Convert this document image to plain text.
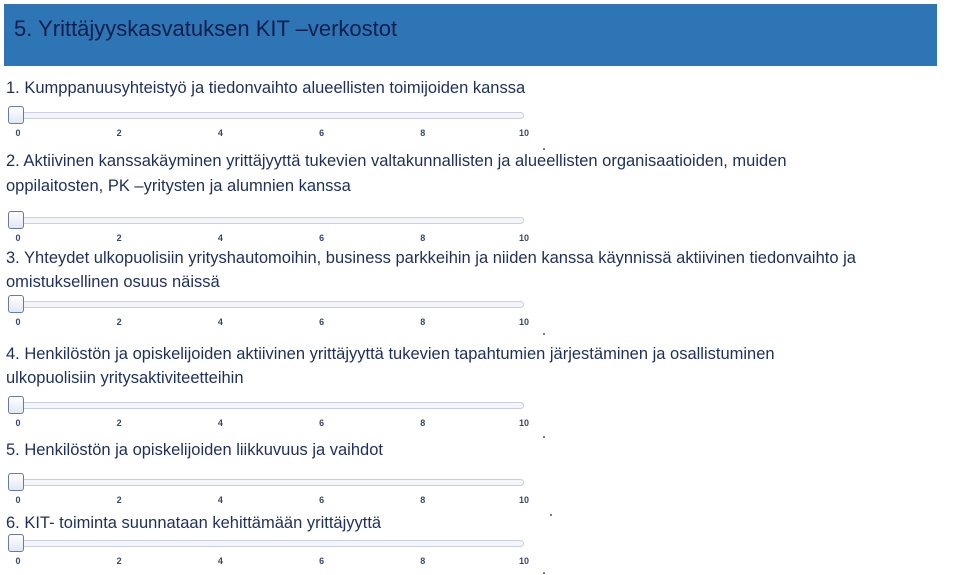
5. Yrittäjyyskasvatuksen KIT –verkostot
1. Kumppanuusyhteistyö ja tiedonvaihto alueellisten toimijoiden kanssa
0	2	4	6	8	10
2. Aktiivinen kanssakäyminen yrittäjyyttä tukevien valtakunnallisten ja alueellisten organisaatioiden, muiden
oppilaitosten, PK –yritysten ja alumnien kanssa
0	2	4	6	8	10
3. Yhteydet ulkopuolisiin yrityshautomoihin, business parkkeihin ja niiden kanssa käynnissä aktiivinen tiedonvaihto ja
omistuksellinen osuus näissä
0	2	4	6	8	10
4. Henkilöstön ja opiskelijoiden aktiivinen yrittäjyyttä tukevien tapahtumien järjestäminen ja osallistuminen
ulkopuolisiin yritysaktiviteetteihin
0	2	4	6	8	10
5. Henkilöstön ja opiskelijoiden liikkuvuus ja vaihdot
0	2	4	6	8	10
6. KIT- toiminta suunnataan kehittämään yrittäjyyttä
0	2	4	6	8	10
